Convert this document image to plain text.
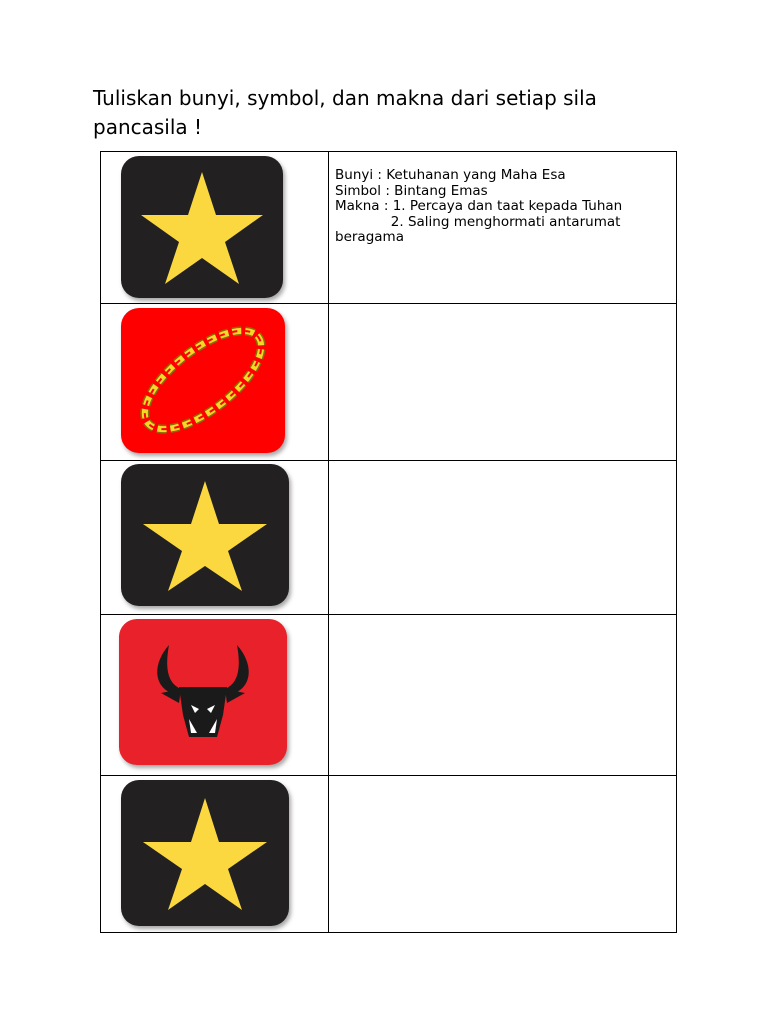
Tuliskan bunyi, symbol, dan makna dari setiap sila pancasila !

Bunyi : Ketuhanan yang Maha Esa
Simbol : Bintang Emas
Makna : 1. Percaya dan taat kepada Tuhan
2. Saling menghormati antarumat
beragama
